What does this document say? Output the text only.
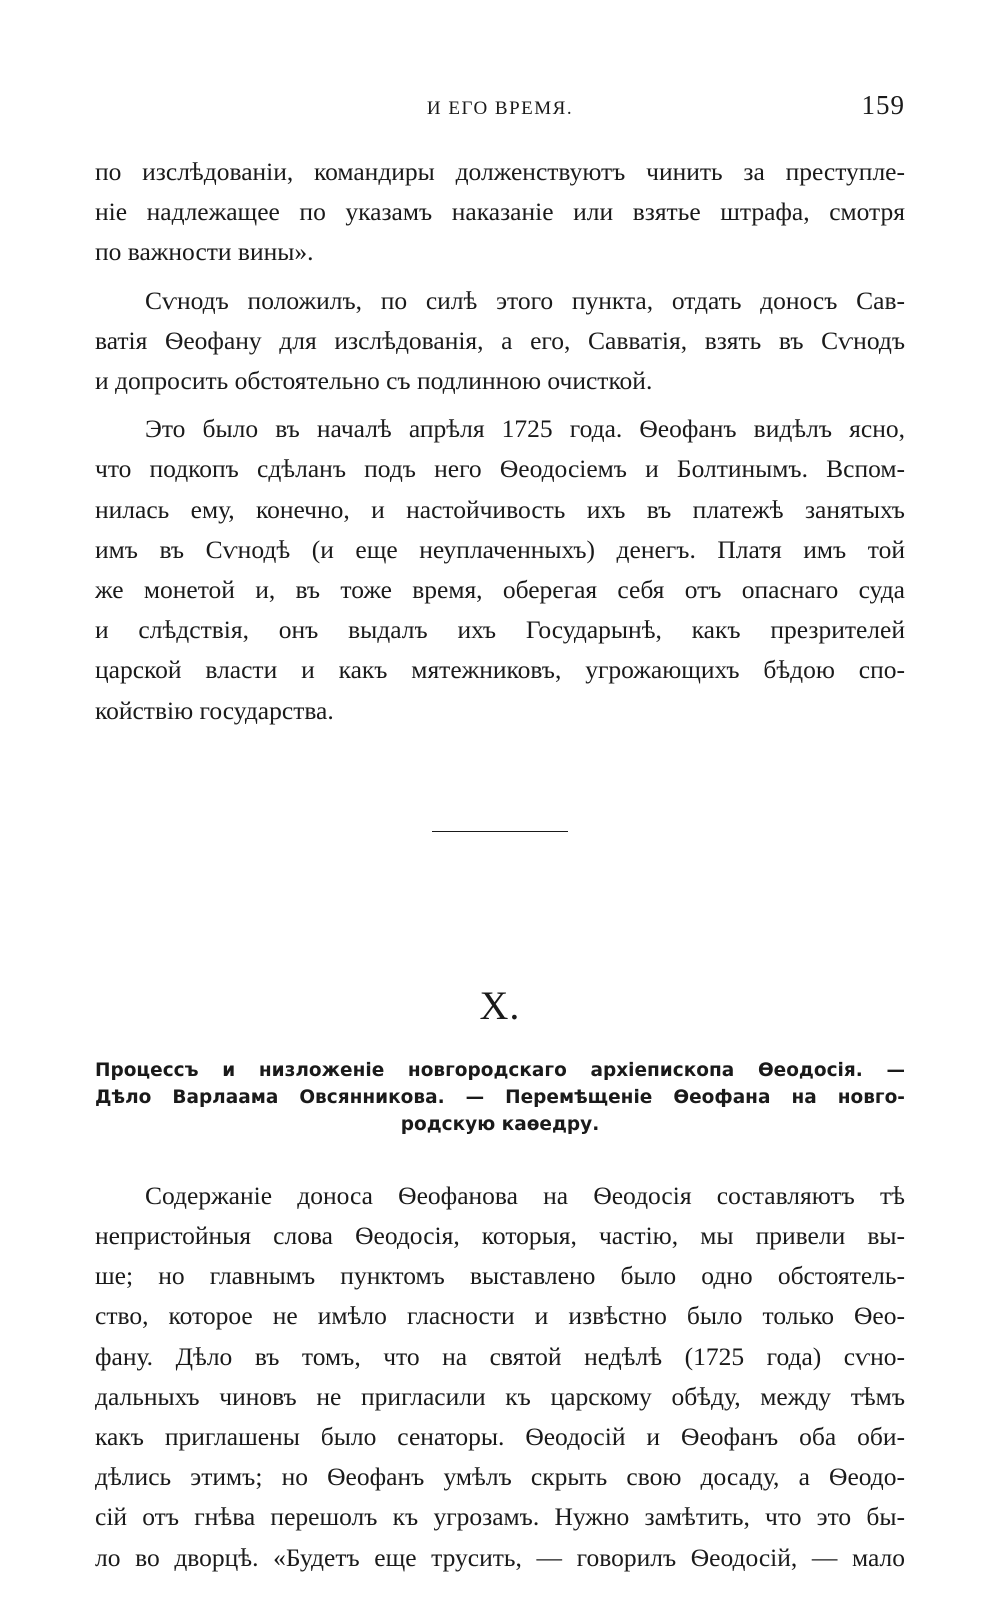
И ЕГО ВРЕМЯ.	159

по изслѣдованіи, командиры долженствуютъ чинить за преступле-
ніе надлежащее по указамъ наказаніе или взятье штрафа, смотря
по важности вины».

Сѵнодъ положилъ, по силѣ этого пункта, отдать доносъ Сав-
ватія Ѳеофану для изслѣдованія, а его, Савватія, взять въ Сѵнодъ
и допросить обстоятельно съ подлинною очисткой.

Это было въ началѣ апрѣля 1725 года. Ѳеофанъ видѣлъ ясно,
что подкопъ сдѣланъ подъ него Ѳеодосіемъ и Болтинымъ. Вспом-
нилась ему, конечно, и настойчивость ихъ въ платежѣ занятыхъ
имъ въ Сѵнодѣ (и еще неуплаченныхъ) денегъ. Платя имъ той
же монетой и, въ тоже время, оберегая себя отъ опаснаго суда
и слѣдствія, онъ выдалъ ихъ Государынѣ, какъ презрителей
царской власти и какъ мятежниковъ, угрожающихъ бѣдою спо-
койствію государства.

X.
Процессъ и низложеніе новгородскаго архіепископа Ѳеодосія. —
Дѣло Варлаама Овсянникова. — Перемѣщеніе Ѳеофана на новго-
родскую каѳедру.

Содержаніе доноса Ѳеофанова на Ѳеодосія составляютъ тѣ
непристойныя слова Ѳеодосія, которыя, частію, мы привели вы-
ше; но главнымъ пунктомъ выставлено было одно обстоятель-
ство, которое не имѣло гласности и извѣстно было только Ѳео-
фану. Дѣло въ томъ, что на святой недѣлѣ (1725 года) сѵно-
дальныхъ чиновъ не пригласили къ царскому обѣду, между тѣмъ
какъ приглашены было сенаторы. Ѳеодосій и Ѳеофанъ оба оби-
дѣлись этимъ; но Ѳеофанъ умѣлъ скрыть свою досаду, а Ѳеодо-
сій отъ гнѣва перешолъ къ угрозамъ. Нужно замѣтить, что это бы-
ло во дворцѣ. «Будетъ еще трусить, — говорилъ Ѳеодосій, — мало
